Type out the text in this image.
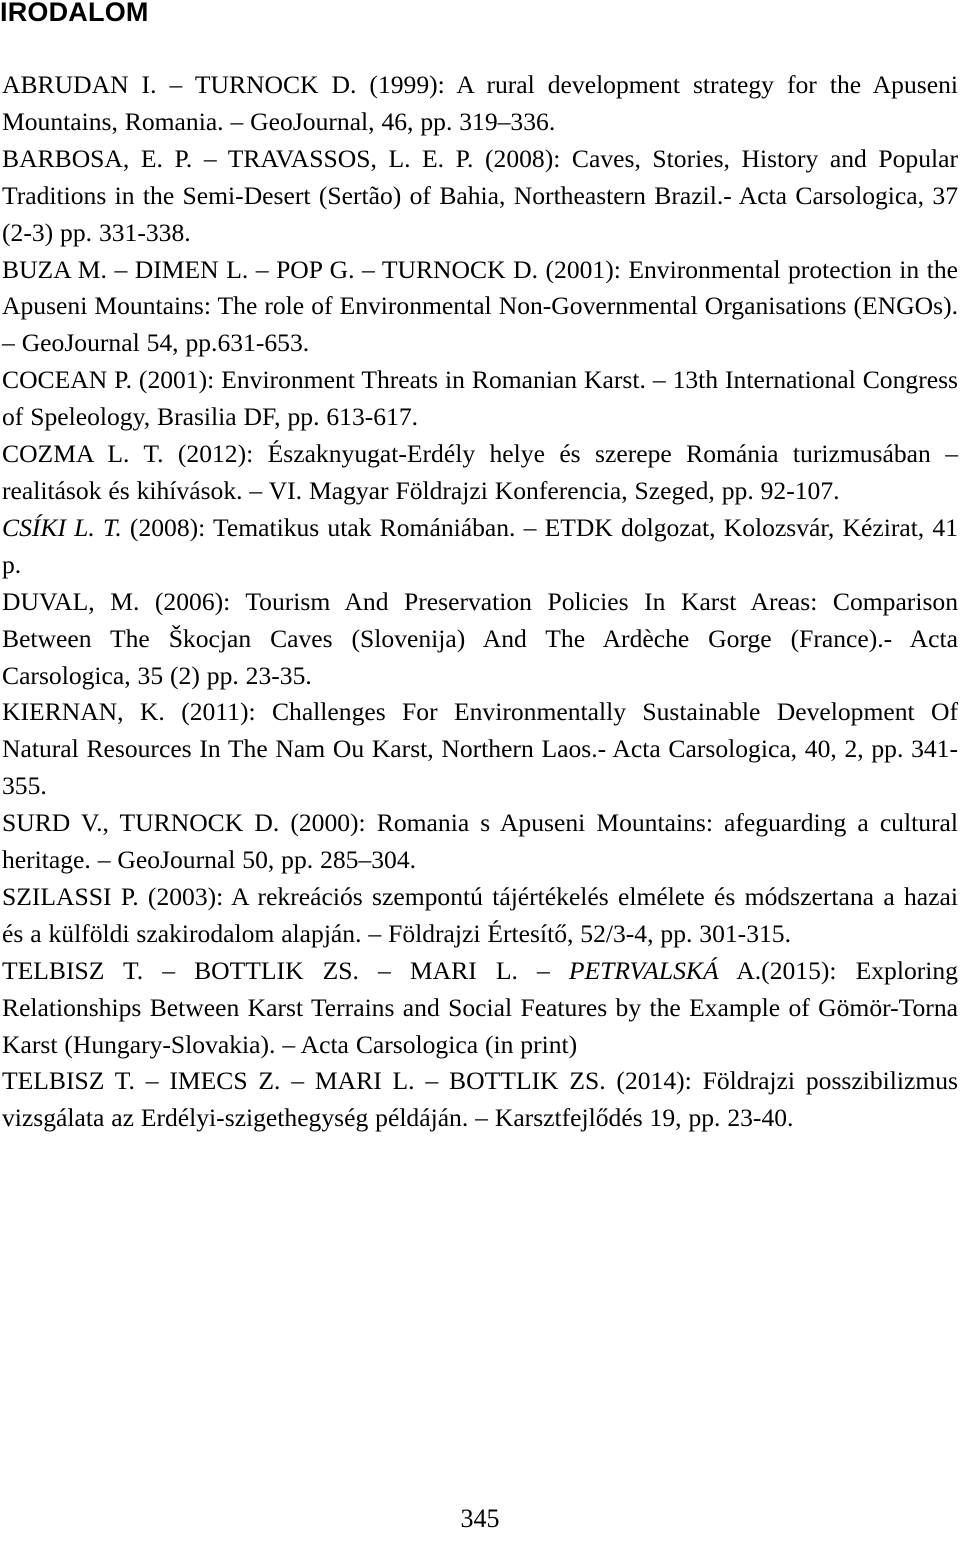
IRODALOM
ABRUDAN I. – TURNOCK D. (1999): A rural development strategy for the Apuseni Mountains, Romania. – GeoJournal, 46, pp. 319–336.
BARBOSA, E. P. – TRAVASSOS, L. E. P. (2008): Caves, Stories, History and Popular Traditions in the Semi-Desert (Sertão) of Bahia, Northeastern Brazil.- Acta Carsologica, 37 (2-3) pp. 331-338.
BUZA M. – DIMEN L. – POP G. – TURNOCK D. (2001): Environmental protection in the Apuseni Mountains: The role of Environmental Non-Governmental Organisations (ENGOs). – GeoJournal 54, pp.631-653.
COCEAN P. (2001): Environment Threats in Romanian Karst. – 13th International Congress of Speleology, Brasilia DF, pp. 613-617.
COZMA L. T. (2012): Északnyugat-Erdély helye és szerepe Románia turizmusában – realitások és kihívások. – VI. Magyar Földrajzi Konferencia, Szeged, pp. 92-107.
CSÍKI L. T. (2008): Tematikus utak Romániában. – ETDK dolgozat, Kolozsvár, Kézirat, 41 p.
DUVAL, M. (2006): Tourism And Preservation Policies In Karst Areas: Comparison Between The Škocjan Caves (Slovenija) And The Ardèche Gorge (France).- Acta Carsologica, 35 (2) pp. 23-35.
KIERNAN, K. (2011): Challenges For Environmentally Sustainable Development Of Natural Resources In The Nam Ou Karst, Northern Laos.- Acta Carsologica, 40, 2, pp. 341-355.
SURD V., TURNOCK D. (2000): Romania s Apuseni Mountains: afeguarding a cultural heritage. – GeoJournal 50, pp. 285–304.
SZILASSI P. (2003): A rekreációs szempontú tájértékelés elmélete és módszertana a hazai és a külföldi szakirodalom alapján. – Földrajzi Értesítő, 52/3-4, pp. 301-315.
TELBISZ T. – BOTTLIK ZS. – MARI L. – PETRVALSKÁ A.(2015): Exploring Relationships Between Karst Terrains and Social Features by the Example of Gömör-Torna Karst (Hungary-Slovakia). – Acta Carsologica (in print)
TELBISZ T. – IMECS Z. – MARI L. – BOTTLIK ZS. (2014): Földrajzi posszibilizmus vizsgálata az Erdélyi-szigethegység példáján. – Karsztfejlődés 19, pp. 23-40.

345
